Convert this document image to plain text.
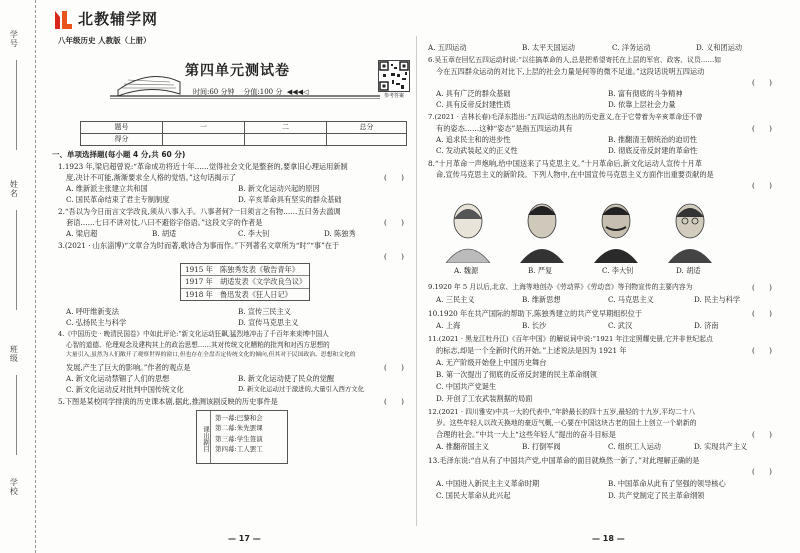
学号
姓名
班级
学校
北教辅学网
八年级历史 人教版（上册）
第四单元测试卷
时间:60 分钟 分值:100 分 ◀◀◀◁	参考答案
题号	一	二	总分
得分			
一、单项选择题(每小题 4 分,共 60 分)
1.1923 年,梁启超曾说:“革命成功将近十年……觉得社会文化是整套的,要拿旧心理运用新制
度,决计不可能,渐渐要求全人格的觉悟。”这句话揭示了	(　　)
A. 维新派主张建立共和国	B. 新文化运动兴起的原因
C. 国民革命结束了君主专制制度	D. 辛亥革命具有坚实的群众基础
2.“吾以为今日而言文学改良,须从八事入手。八事者何?一曰须言之有物……五曰务去滥调
套语……七曰不讲对仗,八曰不避俗字俗语。”这段文字的作者是	(　　)
A. 梁启超	B. 胡适	C. 李大钊	D. 陈独秀
3.(2021 · 山东淄博)“文章合为时而著,歌诗合为事而作。”下列著名文章所为“时”“事”在于
(　　)
1915 年　陈独秀发表《敬告青年》
1917 年　胡适发表《文学改良刍议》
1918 年　鲁迅发表《狂人日记》
A. 呼吁维新变法	B. 宣传三民主义
C. 弘扬民主与科学	D. 宣传马克思主义
4.《中国历史 · 晚清民国卷》中如此评论:“新文化运动狂飙,猛烈地冲击了千百年来束缚中国人
心智的道德、伦理观念及建构其上的政治思想……其对传统文化糟粕的批判和对西方思想的
大量引入,虽然为人们敞开了观察世界的窗口,但也存在全盘否定传统文化的倾向,但其对于民国政治、思想和文化的
发展,产生了巨大的影响。”作者的观点是	(　　)
A. 新文化运动禁锢了人们的思想	B. 新文化运动使了民众的觉醒
C. 新文化运动反对批判中国传统文化	D. 新文化运动过于激进的,大量引入西方文化
5.下图是某校同学排演的历史课本剧,据此,推测该剧反映的历史事件是	(　　)
课出剧目
第一幕:巴黎和会
第二幕:朱先罢课
第三幕:学生签演
第四幕:工人罢工
— 17 —
A. 五四运动	B. 太平天国运动	C. 洋务运动	D. 义和团运动
6.吴玉章在回忆五四运动时说:“以往搞革命的人,总是把希望寄托在上层的军官、政客、议员……如
今在五四群众运动的对比下,上层的社会力量是何等的微不足道。”这段话说明五四运动
(　　)
A. 具有广泛的群众基础	B. 富有彻底的斗争精神
C. 具有反帝反封建性质	D. 依靠上层社会力量
7.(2021 · 吉林长春)毛泽东指出:“五四运动的杰出的历史意义,在于它带着为辛亥革命还不曾
有的姿态……这种“姿态”是指五四运动具有	(　　)
A. 追求民主和的进步性	B. 推翻清王朝统治的迫切性
C. 发动武装起义的正义性	D. 彻底反帝反封建的革命性
8.“十月革命一声炮响,给中国送来了马克思主义。”十月革命后,新文化运动人宣传十月革
命,宣传马克思主义的新阶段。下列人物中,在中国宣传马克思主义方面作出重要贡献的是
(　　)
A. 魏源	B. 严复	C. 李大钊	D. 胡适
9.1920 年 5 月以后,北京、上海等地创办《劳动界》《劳动音》等刊物宣传的主要内容为	(　　)
A. 三民主义	B. 维新思想	C. 马克思主义	D. 民主与科学
10.1920 年在共产国际的帮助下,陈独秀建立的共产党早期组织位于	(　　)
A. 上海	B. 长沙	C. 武汉	D. 济南
11.(2021 · 黑龙江牡丹江)《百年中国》的解说词中说:“1921 年注定照耀史册,它并非世纪起点
的标志,却是一个全新时代的开始。”上述说法是因为 1921 年	(　　)
A. 无产阶级开始登上中国历史舞台
B. 第一次提出了彻底的反帝反封建的民主革命纲领
C. 中国共产党诞生
D. 开创了工农武装割据的局面
12.(2021 · 四川雅安)中共一大的代表中,“年龄最长的四十五岁,最轻的十九岁,平均二十八
岁。这些年轻人以改天换地的豪迈气概,一心要在中国这块古老的国土上创立一个崭新的
合理的社会。”中共一大上“这些年轻人”提出的奋斗目标是	(　　)
A. 推翻帝国主义	B. 打倒军阀	C. 组织工人运动	D. 实现共产主义
13.毛泽东说:“自从有了中国共产党,中国革命的面目就焕然一新了。”对此理解正确的是
(　　)
A. 中国进入新民主主义革命时期	B. 中国革命从此有了坚强的领导核心
C. 国民大革命从此兴起	D. 共产党制定了民主革命纲领
— 18 —
